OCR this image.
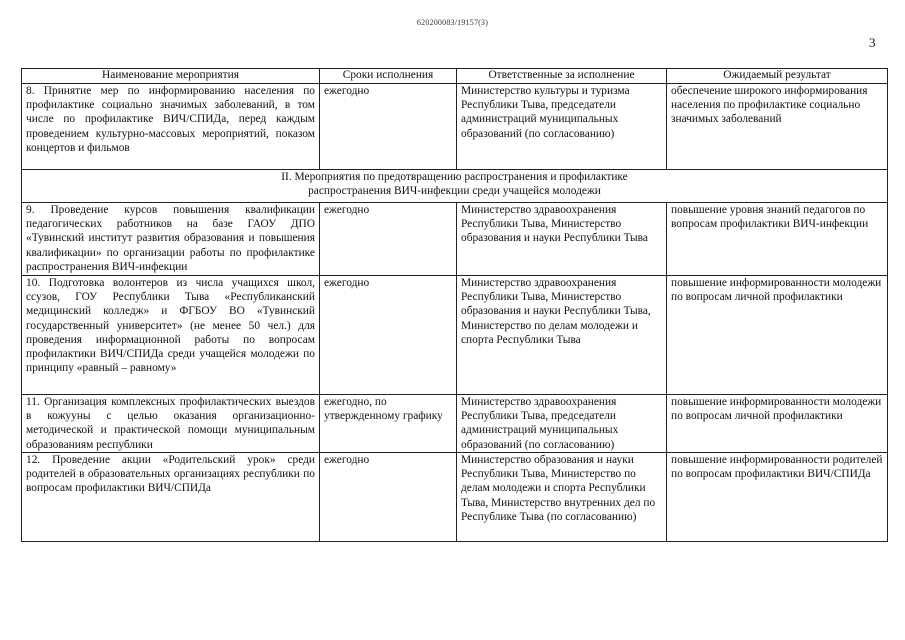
620200083/19157(3)
3
Наименование мероприятия	Сроки исполнения	Ответственные за исполнение	Ожидаемый результат
8. Принятие мер по информированию населения по профилактике социально значимых заболеваний, в том числе по профилактике ВИЧ/СПИДа, перед каждым проведением культурно-массовых мероприятий, показом концертов и фильмов	ежегодно	Министерство культуры и туризма Республики Тыва, председатели администраций муниципальных образований (по согласованию)	обеспечение широкого информирования населения по профилактике социально значимых заболеваний

II. Мероприятия по предотвращению распространения и профилактике
распространения ВИЧ-инфекции среди учащейся молодежи			

9. Проведение курсов повышения квалификации педагогических работников на базе ГАОУ ДПО «Тувинский институт развития образования и повышения квалификации» по организации работы по профилактике распространения ВИЧ-инфекции	ежегодно	Министерство здравоохранения Республики Тыва, Министерство образования и науки Республики Тыва	повышение уровня знаний педагогов по вопросам профилактики ВИЧ-инфекции
10. Подготовка волонтеров из числа учащихся школ, ссузов, ГОУ Республики Тыва «Республиканский медицинский колледж» и ФГБОУ ВО «Тувинский государственный университет» (не менее 50 чел.) для проведения информационной работы по вопросам профилактики ВИЧ/СПИДа среди учащейся молодежи по принципу «равный – равному»	ежегодно	Министерство здравоохранения Республики Тыва, Министерство образования и науки Республики Тыва, Министерство по делам молодежи и спорта Республики Тыва	повышение информированности молодежи по вопросам личной профилактики
11. Организация комплексных профилактических выездов в кожууны с целью оказания организационно-методической и практической помощи муниципальным образованиям республики	ежегодно, по утвержденному графику	Министерство здравоохранения Республики Тыва, председатели администраций муниципальных образований (по согласованию)	повышение информированности молодежи по вопросам личной профилактики
12. Проведение акции «Родительский урок» среди родителей в образовательных организациях республики по вопросам профилактики ВИЧ/СПИДа	ежегодно	Министерство образования и науки Республики Тыва, Министерство по делам молодежи и спорта Республики Тыва, Министерство внутренних дел по Республике Тыва (по согласованию)	повышение информированности родителей по вопросам профилактики ВИЧ/СПИДа
